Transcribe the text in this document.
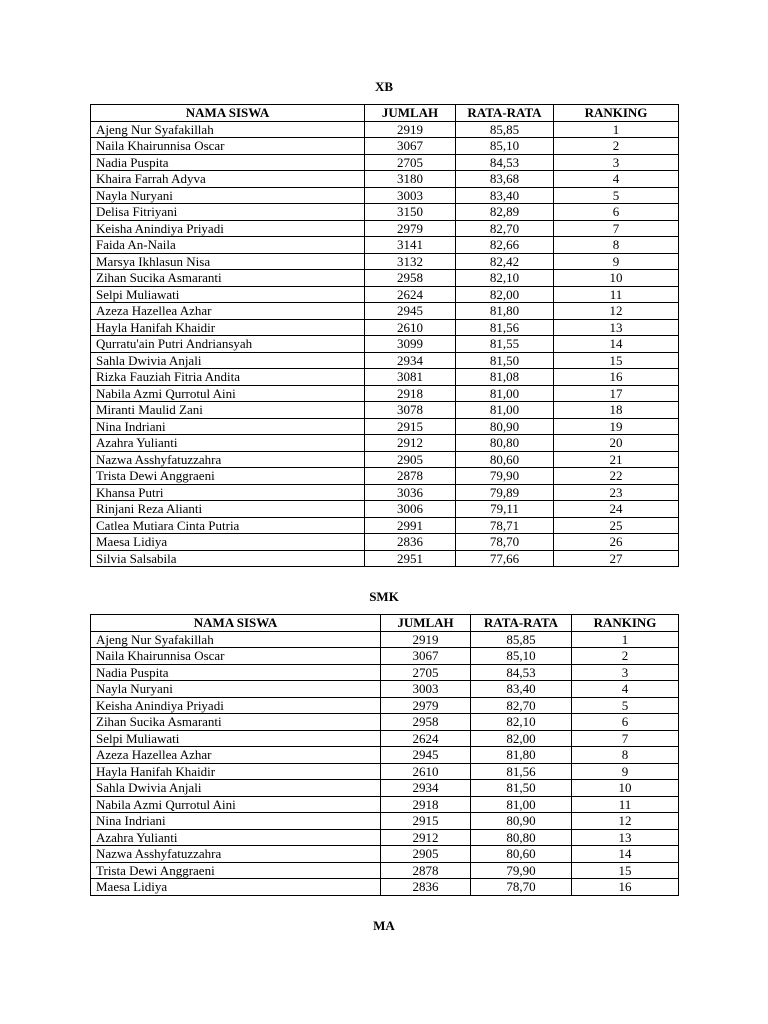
XB
NAMA SISWA	JUMLAH	RATA-RATA	RANKING
Ajeng Nur Syafakillah	2919	85,85	1
Naila Khairunnisa Oscar	3067	85,10	2
Nadia Puspita	2705	84,53	3
Khaira Farrah Adyva	3180	83,68	4
Nayla Nuryani	3003	83,40	5
Delisa Fitriyani	3150	82,89	6
Keisha Anindiya Priyadi	2979	82,70	7
Faida An-Naila	3141	82,66	8
Marsya Ikhlasun Nisa	3132	82,42	9
Zihan Sucika Asmaranti	2958	82,10	10
Selpi Muliawati	2624	82,00	11
Azeza Hazellea Azhar	2945	81,80	12
Hayla Hanifah Khaidir	2610	81,56	13
Qurratu'ain Putri Andriansyah	3099	81,55	14
Sahla Dwivia Anjali	2934	81,50	15
Rizka Fauziah Fitria Andita	3081	81,08	16
Nabila Azmi Qurrotul Aini	2918	81,00	17
Miranti Maulid Zani	3078	81,00	18
Nina Indriani	2915	80,90	19
Azahra Yulianti	2912	80,80	20
Nazwa Asshyfatuzzahra	2905	80,60	21
Trista Dewi Anggraeni	2878	79,90	22
Khansa Putri	3036	79,89	23
Rinjani Reza Alianti	3006	79,11	24
Catlea Mutiara Cinta Putria	2991	78,71	25
Maesa Lidiya	2836	78,70	26
Silvia Salsabila	2951	77,66	27
SMK
NAMA SISWA	JUMLAH	RATA-RATA	RANKING
Ajeng Nur Syafakillah	2919	85,85	1
Naila Khairunnisa Oscar	3067	85,10	2
Nadia Puspita	2705	84,53	3
Nayla Nuryani	3003	83,40	4
Keisha Anindiya Priyadi	2979	82,70	5
Zihan Sucika Asmaranti	2958	82,10	6
Selpi Muliawati	2624	82,00	7
Azeza Hazellea Azhar	2945	81,80	8
Hayla Hanifah Khaidir	2610	81,56	9
Sahla Dwivia Anjali	2934	81,50	10
Nabila Azmi Qurrotul Aini	2918	81,00	11
Nina Indriani	2915	80,90	12
Azahra Yulianti	2912	80,80	13
Nazwa Asshyfatuzzahra	2905	80,60	14
Trista Dewi Anggraeni	2878	79,90	15
Maesa Lidiya	2836	78,70	16
MA
